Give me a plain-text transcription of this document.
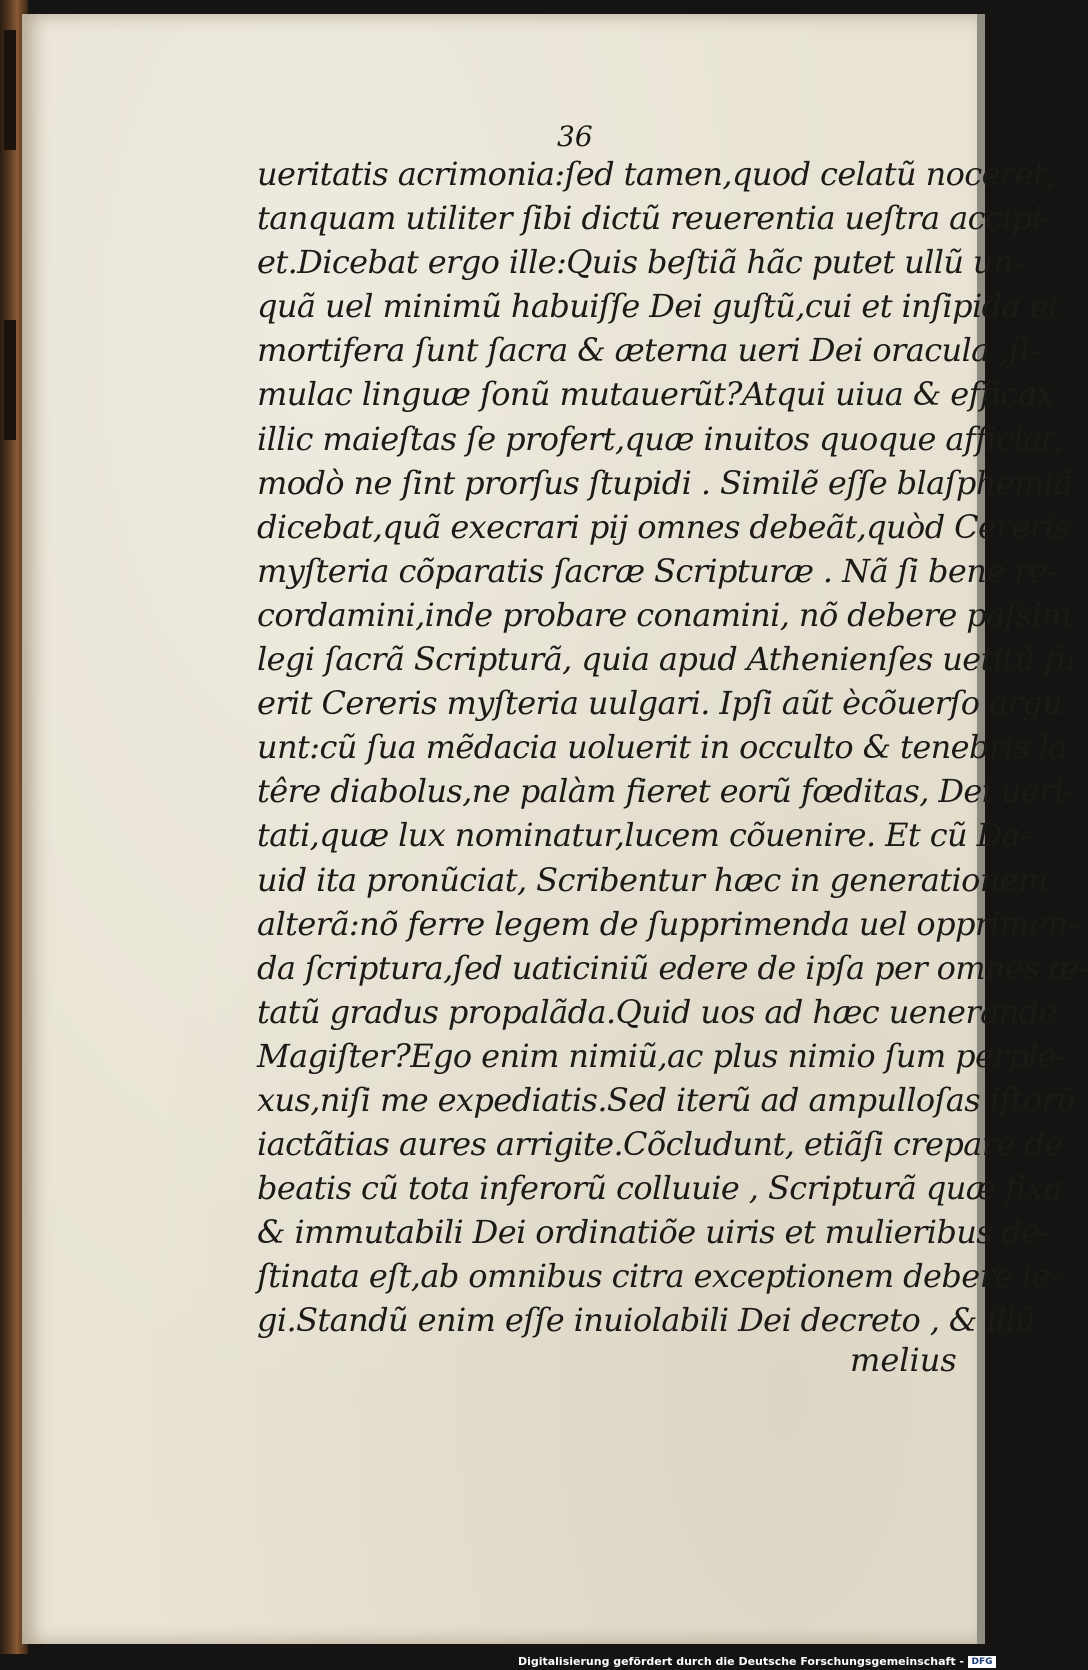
36
ueritatis acrimonia:ſed tamen,quod celatũ noceret,
tanquam utiliter ſibi dictũ reuerentia ueſtra accipi-
et.Dicebat ergo ille:Quis beſtiã hãc putet ullũ un-
quã uel minimũ habuiſſe Dei guſtũ,cui et inſipida et
mortifera ſunt ſacra & æterna ueri Dei oracula ,ſi-
mulac linguæ ſonũ mutauerũt?Atqui uiua & efficax
illic maieſtas ſe profert,quæ inuitos quoque afficiat,
modò ne ſint prorſus ſtupidi . Similẽ eſſe blaſphemiã
dicebat,quã execrari pij omnes debeãt,quòd Cereris
myſteria cõparatis ſacræ Scripturæ . Nã ſi bene re-
cordamini,inde probare conamini, nõ debere paſsim
legi ſacrã Scripturã, quia apud Athenienſes uetitũ fu
erit Cereris myſteria uulgari. Ipſi aũt ècõuerſo argu
unt:cũ ſua mẽdacia uoluerit in occulto & tenebris la
têre diabolus,ne palàm fieret eorũ fœditas, Dei ueri-
tati,quæ lux nominatur,lucem cõuenire. Et cũ Da-
uid ita pronũciat, Scribentur hæc in generationem
alterã:nõ ferre legem de ſupprimenda uel opprimen-
da ſcriptura,ſed uaticiniũ edere de ipſa per omnes æ-
tatũ gradus propalãda.Quid uos ad hæc uenerande
Magiſter?Ego enim nimiũ,ac plus nimio ſum perple-
xus,niſi me expediatis.Sed iterũ ad ampulloſas iſtorũ
iactãtias aures arrigite.Cõcludunt, etiãſi crepare de
beatis cũ tota inferorũ colluuie , Scripturã quæ fixa
& immutabili Dei ordinatiõe uiris et mulieribus de-
ſtinata eſt,ab omnibus citra exceptionem debere le-
gi.Standũ enim eſſe inuiolabili Dei decreto , & illũ
melius
Digitalisierung gefördert durch die Deutsche Forschungsgemeinschaft - DFG
